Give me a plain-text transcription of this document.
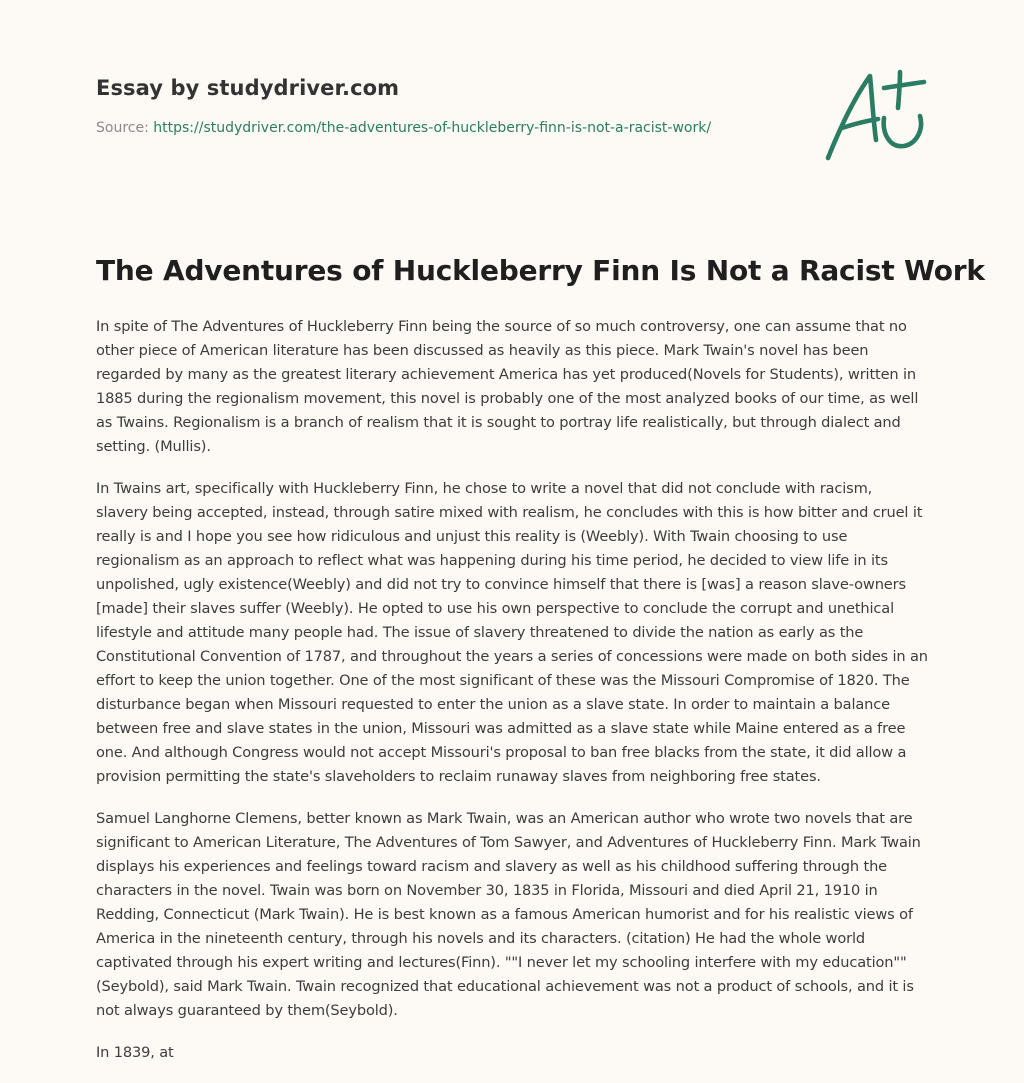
Essay by studydriver.com
Source: https://studydriver.com/the-adventures-of-huckleberry-finn-is-not-a-racist-work/
The Adventures of Huckleberry Finn Is Not a Racist Work

In spite of The Adventures of Huckleberry Finn being the source of so much controversy, one can assume that no other piece of American literature has been discussed as heavily as this piece. Mark Twain's novel has been regarded by many as the greatest literary achievement America has yet produced(Novels for Students), written in 1885 during the regionalism movement, this novel is probably one of the most analyzed books of our time, as well as Twains. Regionalism is a branch of realism that it is sought to portray life realistically, but through dialect and setting. (Mullis).

In Twains art, specifically with Huckleberry Finn, he chose to write a novel that did not conclude with racism, slavery being accepted, instead, through satire mixed with realism, he concludes with this is how bitter and cruel it really is and I hope you see how ridiculous and unjust this reality is (Weebly). With Twain choosing to use regionalism as an approach to reflect what was happening during his time period, he decided to view life in its unpolished, ugly existence(Weebly) and did not try to convince himself that there is [was] a reason slave-owners [made] their slaves suffer (Weebly). He opted to use his own perspective to conclude the corrupt and unethical lifestyle and attitude many people had. The issue of slavery threatened to divide the nation as early as the Constitutional Convention of 1787, and throughout the years a series of concessions were made on both sides in an effort to keep the union together. One of the most significant of these was the Missouri Compromise of 1820. The disturbance began when Missouri requested to enter the union as a slave state. In order to maintain a balance between free and slave states in the union, Missouri was admitted as a slave state while Maine entered as a free one. And although Congress would not accept Missouri's proposal to ban free blacks from the state, it did allow a provision permitting the state's slaveholders to reclaim runaway slaves from neighboring free states.

Samuel Langhorne Clemens, better known as Mark Twain, was an American author who wrote two novels that are significant to American Literature, The Adventures of Tom Sawyer, and Adventures of Huckleberry Finn. Mark Twain displays his experiences and feelings toward racism and slavery as well as his childhood suffering through the characters in the novel. Twain was born on November 30, 1835 in Florida, Missouri and died April 21, 1910 in Redding, Connecticut (Mark Twain). He is best known as a famous American humorist and for his realistic views of America in the nineteenth century, through his novels and its characters. (citation) He had the whole world captivated through his expert writing and lectures(Finn). ""I never let my schooling interfere with my education""(Seybold), said Mark Twain. Twain recognized that educational achievement was not a product of schools, and it is not always guaranteed by them(Seybold).

In 1839, at
